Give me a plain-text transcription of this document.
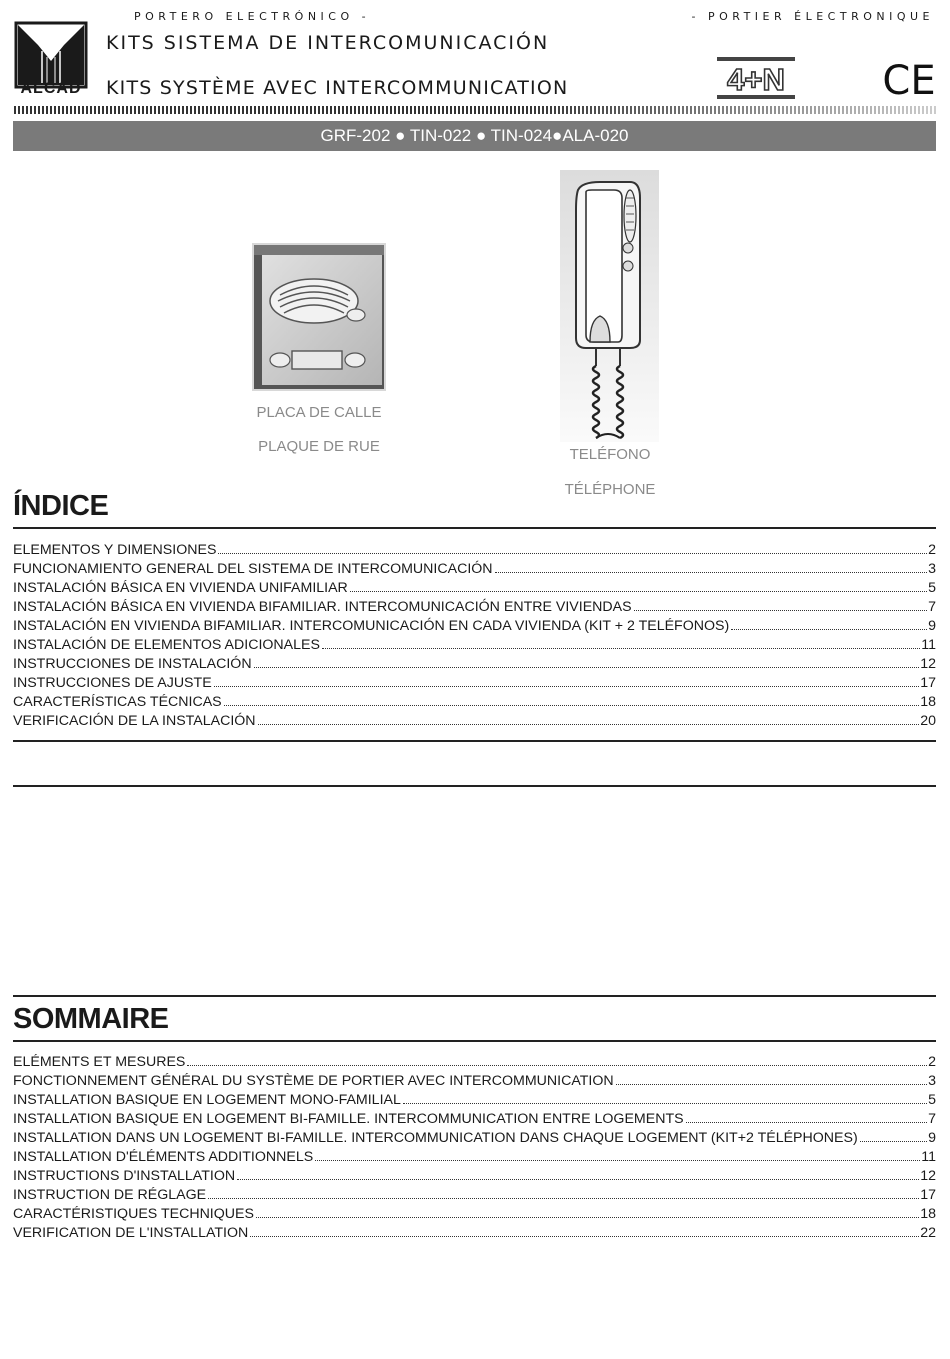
ALCAD
PORTERO ELECTRÓNICO -	- PORTIER ÉLECTRONIQUE
KITS SISTEMA DE INTERCOMUNICACIÓN
KITS SYSTÈME AVEC INTERCOMMUNICATION	4+N CE
GRF-202 ● TIN-022 ● TIN-024●ALA-020
PLACA DE CALLE
PLAQUE DE RUE	TELÉFONO
TÉLÉPHONE
ÍNDICE
ELEMENTOS Y DIMENSIONES	2
FUNCIONAMIENTO GENERAL DEL SISTEMA DE INTERCOMUNICACIÓN	3
INSTALACIÓN BÁSICA EN VIVIENDA UNIFAMILIAR	5
INSTALACIÓN BÁSICA EN VIVIENDA BIFAMILIAR. INTERCOMUNICACIÓN ENTRE VIVIENDAS	7
INSTALACIÓN EN VIVIENDA BIFAMILIAR. INTERCOMUNICACIÓN EN CADA VIVIENDA (KIT + 2 TELÉFONOS)	9
INSTALACIÓN DE ELEMENTOS ADICIONALES	11
INSTRUCCIONES DE INSTALACIÓN	12
INSTRUCCIONES DE AJUSTE	17
CARACTERÍSTICAS TÉCNICAS	18
VERIFICACIÓN DE LA INSTALACIÓN	20
SOMMAIRE
ELÉMENTS ET MESURES	2
FONCTIONNEMENT GÉNÉRAL DU SYSTÈME DE PORTIER AVEC INTERCOMMUNICATION	3
INSTALLATION BASIQUE EN LOGEMENT MONO-FAMILIAL	5
INSTALLATION BASIQUE EN LOGEMENT BI-FAMILLE. INTERCOMMUNICATION ENTRE LOGEMENTS	7
INSTALLATION DANS UN LOGEMENT BI-FAMILLE. INTERCOMMUNICATION DANS CHAQUE LOGEMENT (KIT+2 TÉLÉPHONES)	9
INSTALLATION D'ÉLÉMENTS ADDITIONNELS	11
INSTRUCTIONS D'INSTALLATION	12
INSTRUCTION DE RÉGLAGE	17
CARACTÉRISTIQUES TECHNIQUES	18
VERIFICATION DE L'INSTALLATION	22
